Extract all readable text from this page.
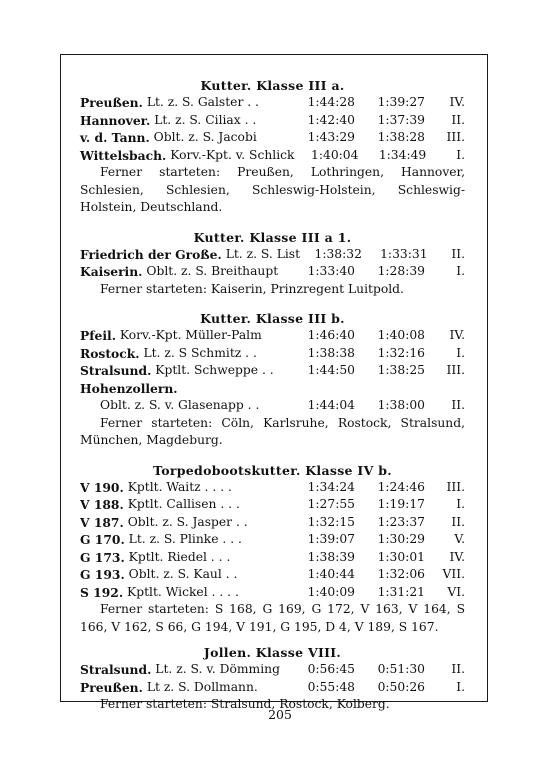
Kutter. Klasse III a.
Preußen.
Lt. z. S. Galster . .	1:44:28	1:39:27	IV.
Hannover.
Lt. z. S. Ciliax . .	1:42:40	1:37:39	II.
v. d. Tann.
Oblt. z. S. Jacobi	1:43:29	1:38:28	III.
Wittelsbach.
Korv.-Kpt. v. Schlick	1:40:04	1:34:49	I.
Ferner starteten: Preußen, Lothringen, Hannover, Schlesien, Schlesien, Schleswig-Holstein, Schleswig-Holstein, Deutschland.
Kutter. Klasse III a 1.
Friedrich der Große.
Lt. z. S. List	1:38:32	1:33:31	II.
Kaiserin.
Oblt. z. S. Breithaupt	1:33:40	1:28:39	I.
Ferner starteten: Kaiserin, Prinzregent Luitpold.
Kutter. Klasse III b.
Pfeil.
Korv.-Kpt. Müller-Palm	1:46:40	1:40:08	IV.
Rostock.
Lt. z. S Schmitz . .	1:38:38	1:32:16	I.
Stralsund.
Kptlt. Schweppe . .	1:44:50	1:38:25	III.
Hohenzollern.
Oblt. z. S. v. Glasenapp . .	1:44:04	1:38:00	II.
Ferner starteten: Cöln, Karlsruhe, Rostock, Stralsund, München, Magdeburg.
Torpedobootskutter. Klasse IV b.
V 190.
Kptlt. Waitz . . . .	1:34:24	1:24:46	III.
V 188.
Kptlt. Callisen . . .	1:27:55	1:19:17	I.
V 187.
Oblt. z. S. Jasper . .	1:32:15	1:23:37	II.
G 170.
Lt. z. S. Plinke . . .	1:39:07	1:30:29	V.
G 173.
Kptlt. Riedel . . .	1:38:39	1:30:01	IV.
G 193.
Oblt. z. S. Kaul . .	1:40:44	1:32:06	VII.
S 192.
Kptlt. Wickel . . . .	1:40:09	1:31:21	VI.
Ferner starteten: S 168, G 169, G 172, V 163, V 164, S 166, V 162, S 66, G 194, V 191, G 195, D 4, V 189, S 167.
Jollen. Klasse VIII.
Stralsund.
Lt. z. S. v. Dömming	0:56:45	0:51:30	II.
Preußen.
Lt z. S. Dollmann.	0:55:48	0:50:26	I.
Ferner starteten: Stralsund, Rostock, Kolberg.
205
